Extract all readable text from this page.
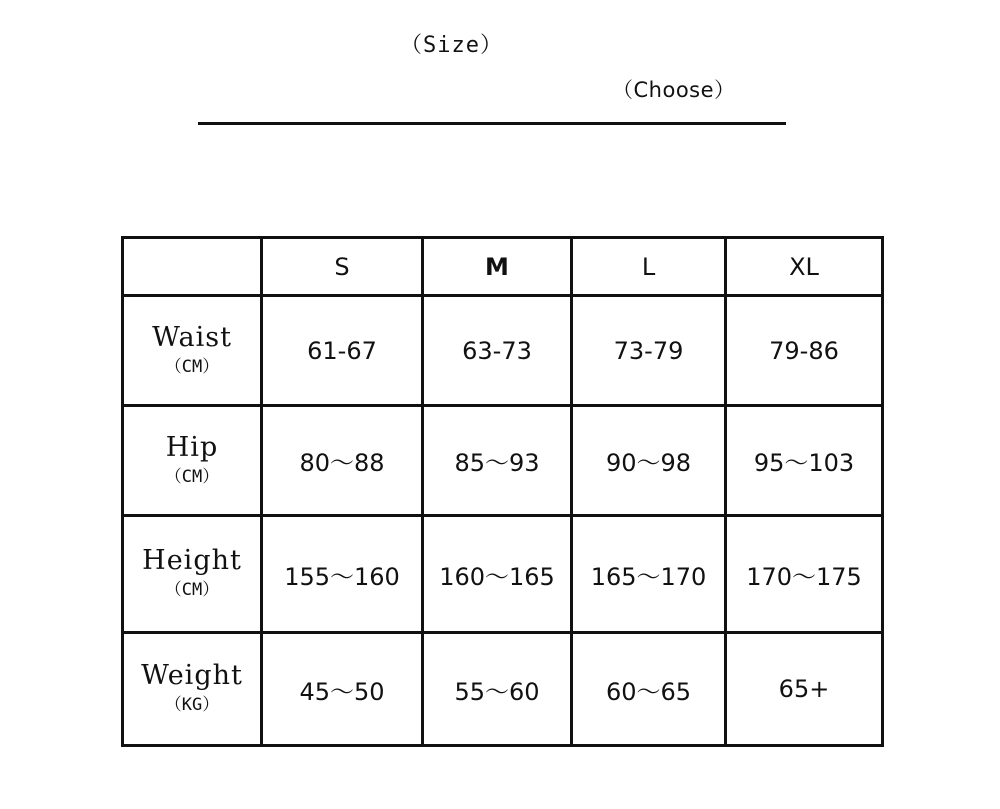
（Size）
（Choose）
	S	M	L	XL

Waist
（CM）	61-67	63-73	73-79	79-86

Hip
（CM）	80～88	85～93	90～98	95～103

Height
（CM）	155～160	160～165	165～170	170～175

Weight
（KG）	45～50	55～60	60～65	65+
